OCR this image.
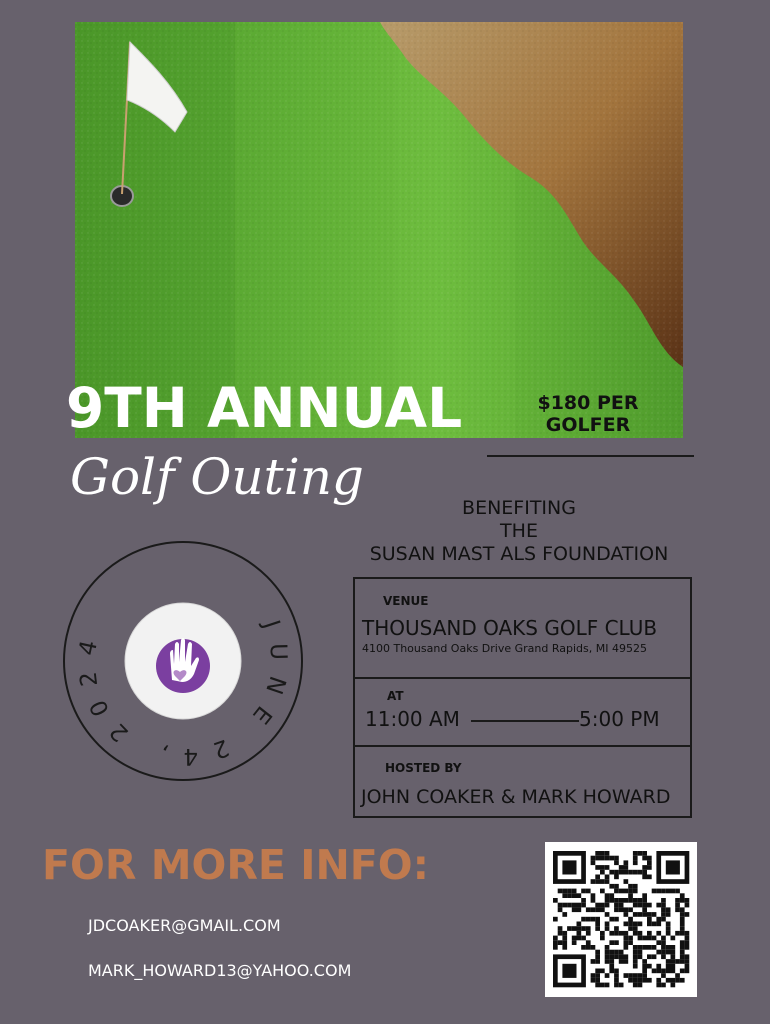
9TH ANNUAL	$180 PER GOLFER
Golf Outing
BENEFITING
THE
SUSAN MAST ALS FOUNDATION
JUNE 24, 2024
VENUE
THOUSAND OAKS GOLF CLUB
4100 Thousand Oaks Drive Grand Rapids, MI 49525
AT
11:00 AM	5:00 PM
HOSTED BY
JOHN COAKER & MARK HOWARD
FOR MORE INFO:
JDCOAKER@GMAIL.COM
MARK_HOWARD13@YAHOO.COM
